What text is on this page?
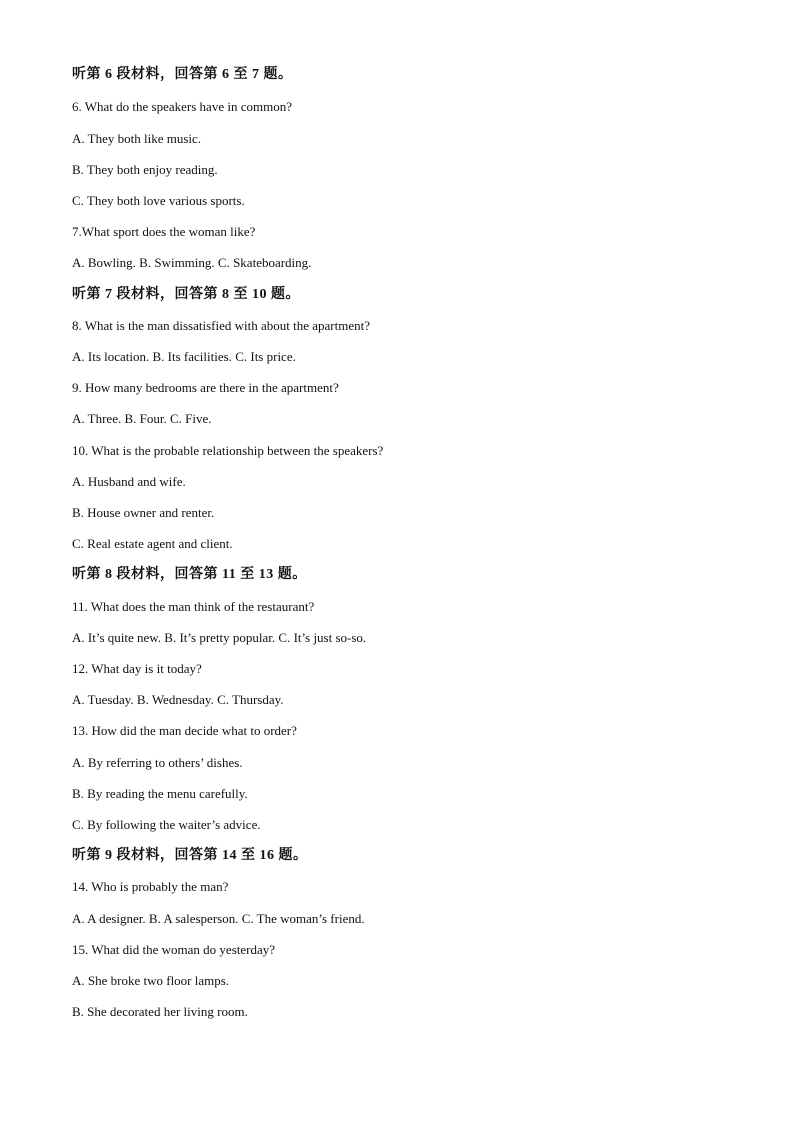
听第 6 段材料，回答第 6 至 7 题。
6. What do the speakers have in common?
A. They both like music.
B. They both enjoy reading.
C. They both love various sports.
7.What sport does the woman like?
A. Bowling. B. Swimming. C. Skateboarding.
听第 7 段材料，回答第 8 至 10 题。
8. What is the man dissatisfied with about the apartment?
A. Its location. B. Its facilities. C. Its price.
9. How many bedrooms are there in the apartment?
A. Three. B. Four. C. Five.
10. What is the probable relationship between the speakers?
A. Husband and wife.
B. House owner and renter.
C. Real estate agent and client.
听第 8 段材料，回答第 11 至 13 题。
11. What does the man think of the restaurant?
A. It’s quite new. B. It’s pretty popular. C. It’s just so-so.
12. What day is it today?
A. Tuesday. B. Wednesday. C. Thursday.
13. How did the man decide what to order?
A. By referring to others’ dishes.
B. By reading the menu carefully.
C. By following the waiter’s advice.
听第 9 段材料，回答第 14 至 16 题。
14. Who is probably the man?
A. A designer. B. A salesperson. C. The woman’s friend.
15. What did the woman do yesterday?
A. She broke two floor lamps.
B. She decorated her living room.
